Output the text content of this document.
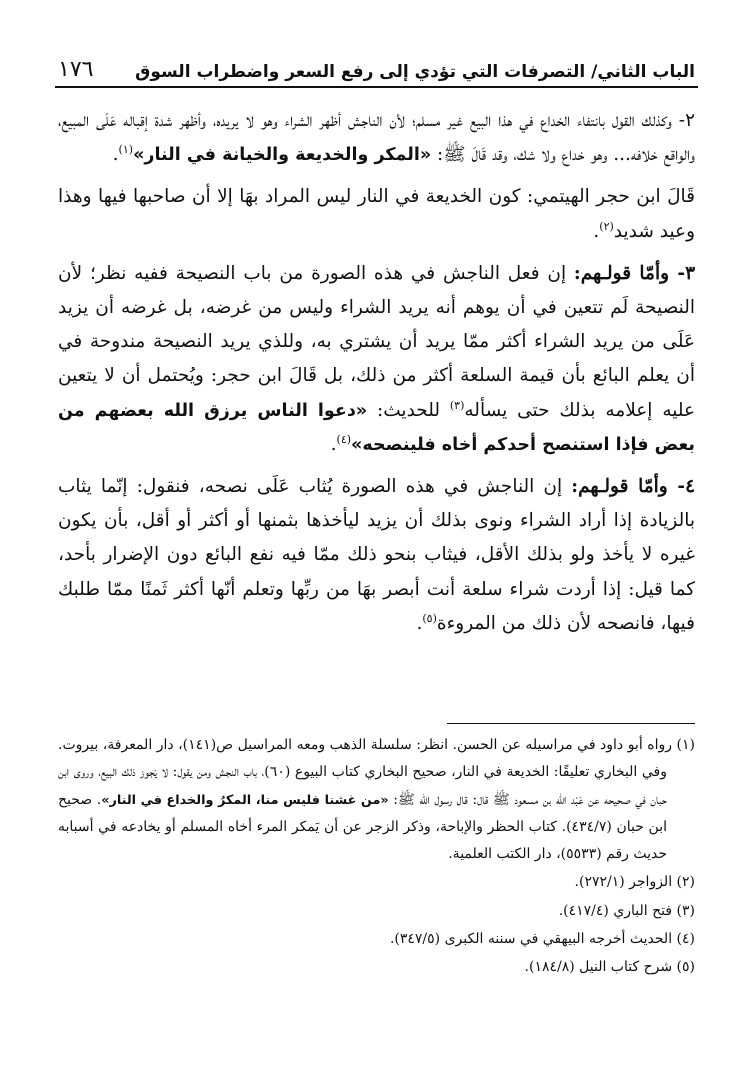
١٧٦ الباب الثاني/ التصرفات التي تؤدي إلى رفع السعر واضطراب السوق

٢- وكذلك القول بانتفاء الخداع في هذا البيع غير مسلم؛ لأن الناجش أظهر الشراء وهو لا يريده، وأظهر شدة إقباله عَلَى المبيع، والواقع خلافه... وهو خداع ولا شك، وقد قَالَ ﷺ: «المكر والخديعة والخيانة في النار»$^{(١)}$.

قَالَ ابن حجر الهيتمي: كون الخديعة في النار ليس المراد بهَا إلا أن صاحبها فيها وهذا وعيد شديد$^{(٢)}$.

٣- وأمّا قولـهم: إن فعل الناجش في هذه الصورة من باب النصيحة ففيه نظر؛ لأن النصيحة لَم تتعين في أن يوهم أنه يريد الشراء وليس من غرضه، بل غرضه أن يزيد عَلَى من يريد الشراء أكثر ممّا يريد أن يشتري به، وللذي يريد النصيحة مندوحة في أن يعلم البائع بأن قيمة السلعة أكثر من ذلك، بل قَالَ ابن حجر: ويُحتمل أن لا يتعين عليه إعلامه بذلك حتى يسأله$^{(٣)}$ للحديث: «دعوا الناس يرزق الله بعضهم من بعض فإذا استنصح أحدكم أخاه فلينصحه»$^{(٤)}$.

٤- وأمّا قولـهم: إن الناجش في هذه الصورة يُثاب عَلَى نصحه، فنقول: إنّما يثاب بالزيادة إذا أراد الشراء ونوى بذلك أن يزيد ليأخذها بثمنها أو أكثر أو أقل، بأن يكون غيره لا يأخذ ولو بذلك الأقل، فيثاب بنحو ذلك ممّا فيه نفع البائع دون الإضرار بأحد، كما قيل: إذا أردت شراء سلعة أنت أبصر بهَا من ربِّها وتعلم أنّها أكثر ثَمنًا ممّا طلبك فيها، فانصحه لأن ذلك من المروءة$^{(٥)}$.

(١) رواه أبو داود في مراسيله عن الحسن. انظر: سلسلة الذهب ومعه المراسيل ص(١٤١)، دار المعرفة، بيروت. وفي البخاري تعليقًا: الخديعة في النار، صحيح البخاري كتاب البيوع (٦٠)، باب النجش ومن يقول: لا يَجوز ذلك البيع، وروى ابن حبان في صحيحه عن عَبْد الله بن مسعود ﷺ قال: قال رسول الله ﷺ: «من غشنا فليس منا، المكرُ والخداع في النار». صحيح ابن حبان (٤٣٤/٧). كتاب الحظر والإباحة، وذكر الزجر عن أن يَمكر المرء أخاه المسلم أو يخادعه في أسبابه حديث رقم (٥٥٣٣)، دار الكتب العلمية.

(٢) الزواجر (٢٧٢/١).

(٣) فتح الباري (٤١٧/٤).

(٤) الحديث أخرجه البيهقي في سننه الكبرى (٣٤٧/٥).

(٥) شرح كتاب النيل (١٨٤/٨).
